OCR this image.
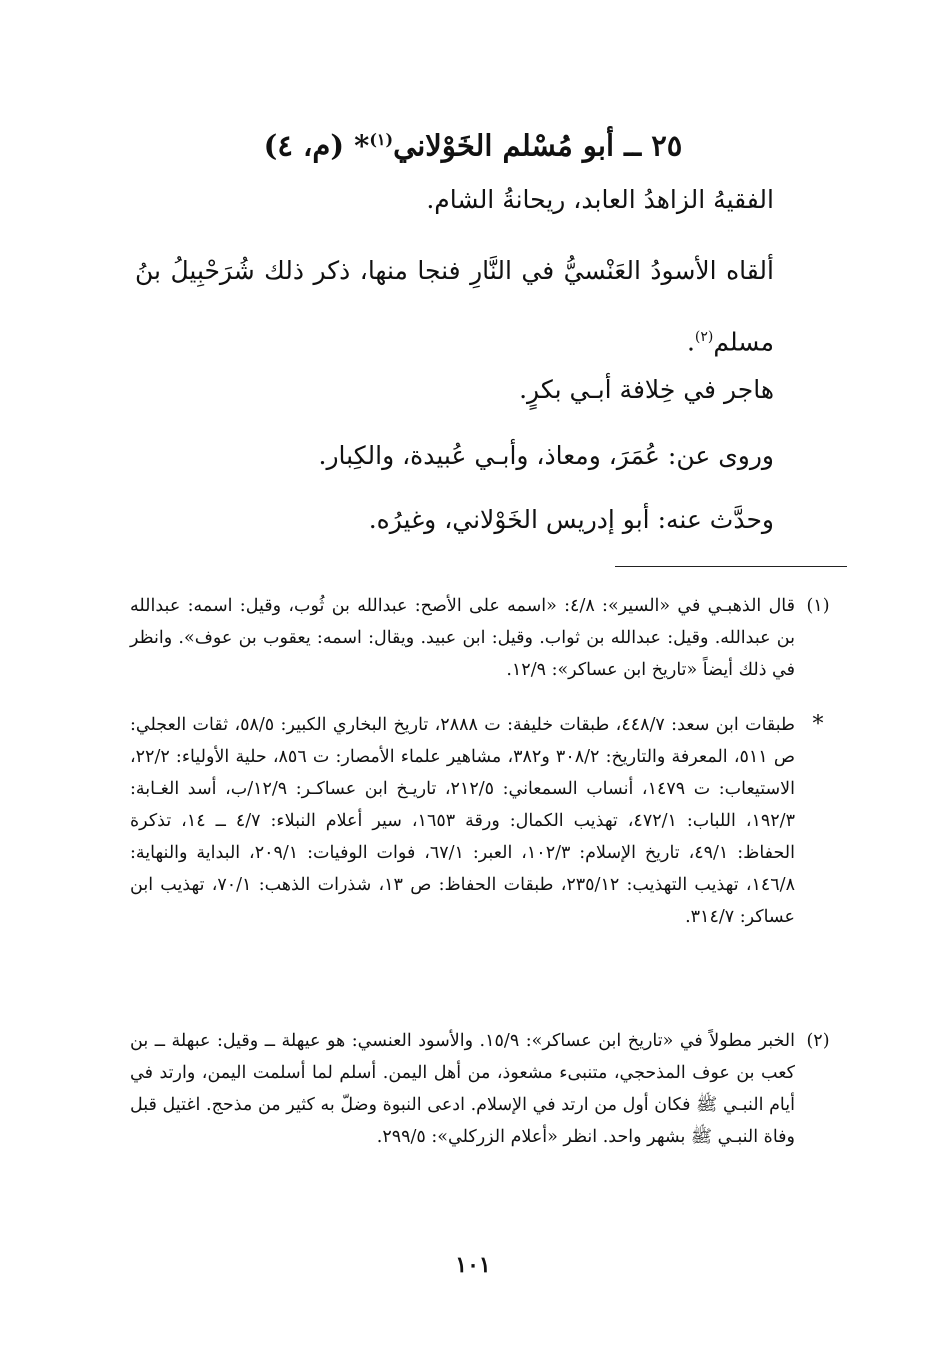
٢٥ ــ أبو مُسْلم الخَوْلاني$^{(١)}$* (م، ٤)
الفقيهُ الزاهدُ العابد، ريحانةُ الشام.
ألقاه الأسودُ العَنْسيُّ في النَّارِ فنجا منها، ذكر ذلك شُرَحْبِيلُ بنُ مسلم$^{(٢)}$.
هاجر في خِلافة أبـي بكرٍ.
وروى عن: عُمَرَ، ومعاذ، وأبـي عُبيدة، والكِبار.
وحدَّث عنه: أبو إدريس الخَوْلاني، وغيرُه.
(١)
قال الذهبـي في «السير»: ٤/٨: «اسمه على الأصح: عبدالله بن ثُوب، وقيل: اسمه: عبدالله بن عبدالله. وقيل: عبدالله بن ثواب. وقيل: ابن عبيد. ويقال: اسمه: يعقوب بن عوف». وانظر في ذلك أيضاً «تاريخ ابن عساكر»: ١٢/٩.
*
طبقات ابن سعد: ٤٤٨/٧، طبقات خليفة: ت ٢٨٨٨، تاريخ البخاري الكبير: ٥٨/٥، ثقات العجلي: ص ٥١١، المعرفة والتاريخ: ٣٠٨/٢ و٣٨٢، مشاهير علماء الأمصار: ت ٨٥٦، حلية الأولياء: ٢٢/٢، الاستيعاب: ت ١٤٧٩، أنساب السمعاني: ٢١٢/٥، تاريـخ ابن عساكـر: ١٢/٩/ب، أسد الغـابة: ١٩٢/٣، اللباب: ٤٧٢/١، تهذيب الكمال: ورقة ١٦٥٣، سير أعلام النبلاء: ٤/٧ ــ ١٤، تذكرة الحفاظ: ٤٩/١، تاريخ الإسلام: ١٠٢/٣، العبر: ٦٧/١، فوات الوفيات: ٢٠٩/١، البداية والنهاية: ١٤٦/٨، تهذيب التهذيب: ٢٣٥/١٢، طبقات الحفاظ: ص ١٣، شذرات الذهب: ٧٠/١، تهذيب ابن عساكر: ٣١٤/٧.
(٢)
الخبر مطولاً في «تاريخ ابن عساكر»: ١٥/٩. والأسود العنسي: هو عيهلة ــ وقيل: عبهلة ــ بن كعب بن عوف المذحجي، متنبىء مشعوذ، من أهل اليمن. أسلم لما أسلمت اليمن، وارتد في أيام النبـي ﷺ فكان أول من ارتد في الإسلام. ادعى النبوة وضلّ به كثير من مذحج. اغتيل قبل وفاة النبـي ﷺ بشهر واحد. انظر «أعلام الزركلي»: ٢٩٩/٥.
١٠١
